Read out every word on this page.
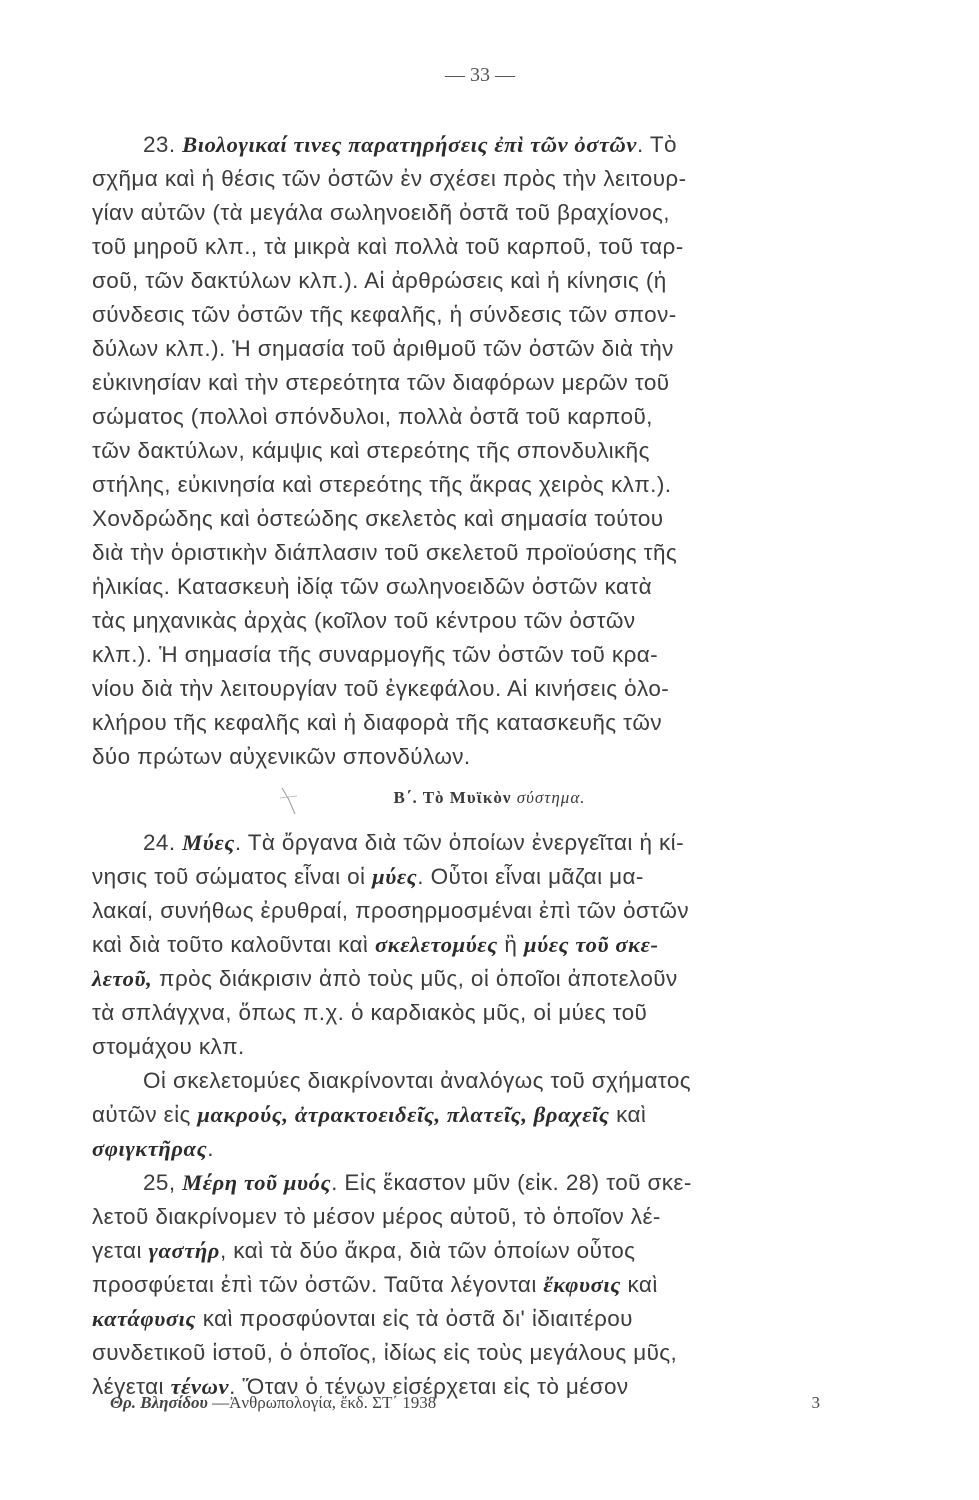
— 33 —
23. Βιολογικαί τινες παρατηρήσεις ἐπὶ τῶν ὀστῶν. Τὸ
σχῆμα καὶ ἡ θέσις τῶν ὀστῶν ἐν σχέσει πρὸς τὴν λειτουρ-
γίαν αὐτῶν (τὰ μεγάλα σωληνοειδῆ ὀστᾶ τοῦ βραχίονος,
τοῦ μηροῦ κλπ., τὰ μικρὰ καὶ πολλὰ τοῦ καρποῦ, τοῦ ταρ-
σοῦ, τῶν δακτύλων κλπ.). Αἱ ἀρθρώσεις καὶ ἡ κίνησις (ἡ
σύνδεσις τῶν ὀστῶν τῆς κεφαλῆς, ἡ σύνδεσις τῶν σπον-
δύλων κλπ.). Ἡ σημασία τοῦ ἀριθμοῦ τῶν ὀστῶν διὰ τὴν
εὐκινησίαν καὶ τὴν στερεότητα τῶν διαφόρων μερῶν τοῦ
σώματος (πολλοὶ σπόνδυλοι, πολλὰ ὀστᾶ τοῦ καρποῦ,
τῶν δακτύλων, κάμψις καὶ στερεότης τῆς σπονδυλικῆς
στήλης, εὐκινησία καὶ στερεότης τῆς ἄκρας χειρὸς κλπ.).
Χονδρώδης καὶ ὀστεώδης σκελετὸς καὶ σημασία τούτου
διὰ τὴν ὁριστικὴν διάπλασιν τοῦ σκελετοῦ προϊούσης τῆς
ἡλικίας. Κατασκευὴ ἰδίᾳ τῶν σωληνοειδῶν ὀστῶν κατὰ
τὰς μηχανικὰς ἀρχὰς (κοῖλον τοῦ κέντρου τῶν ὀστῶν
κλπ.). Ἡ σημασία τῆς συναρμογῆς τῶν ὀστῶν τοῦ κρα-
νίου διὰ τὴν λειτουργίαν τοῦ ἐγκεφάλου. Αἱ κινήσεις ὁλο-
κλήρου τῆς κεφαλῆς καὶ ἡ διαφορὰ τῆς κατασκευῆς τῶν
δύο πρώτων αὐχενικῶν σπονδύλων.
24. Μύες. Τὰ ὄργανα διὰ τῶν ὁποίων ἐνεργεῖται ἡ κί-
νησις τοῦ σώματος εἶναι οἱ μύες. Οὗτοι εἶναι μᾶζαι μα-
λακαί, συνήθως ἐρυθραί, προσηρμοσμέναι ἐπὶ τῶν ὀστῶν
καὶ διὰ τοῦτο καλοῦνται καὶ σκελετομύες ἢ μύες τοῦ σκε-
λετοῦ, πρὸς διάκρισιν ἀπὸ τοὺς μῦς, οἱ ὁποῖοι ἀποτελοῦν
τὰ σπλάγχνα, ὅπως π.χ. ὁ καρδιακὸς μῦς, οἱ μύες τοῦ
στομάχου κλπ.
Οἱ σκελετομύες διακρίνονται ἀναλόγως τοῦ σχήματος
αὐτῶν εἰς μακρούς, ἀτρακτοειδεῖς, πλατεῖς, βραχεῖς καὶ
σφιγκτῆρας.
25, Μέρη τοῦ μυός. Εἰς ἕκαστον μῦν (εἰκ. 28) τοῦ σκε-
λετοῦ διακρίνομεν τὸ μέσον μέρος αὐτοῦ, τὸ ὁποῖον λέ-
γεται γαστήρ, καὶ τὰ δύο ἄκρα, διὰ τῶν ὁποίων οὗτος
προσφύεται ἐπὶ τῶν ὀστῶν. Ταῦτα λέγονται ἔκφυσις καὶ
κατάφυσις καὶ προσφύονται εἰς τὰ ὀστᾶ δι' ἰδιαιτέρου
συνδετικοῦ ἱστοῦ, ὁ ὁποῖος, ἰδίως εἰς τοὺς μεγάλους μῦς,
λέγεται τένων. Ὅταν ὁ τένων εἰσέρχεται εἰς τὸ μέσον
Β΄. Τὸ Μυϊκὸν σύστημα.
Θρ. Βλησίδου —Ἀνθρωπολογία, ἔκδ. ΣΤ΄ 1938	3
